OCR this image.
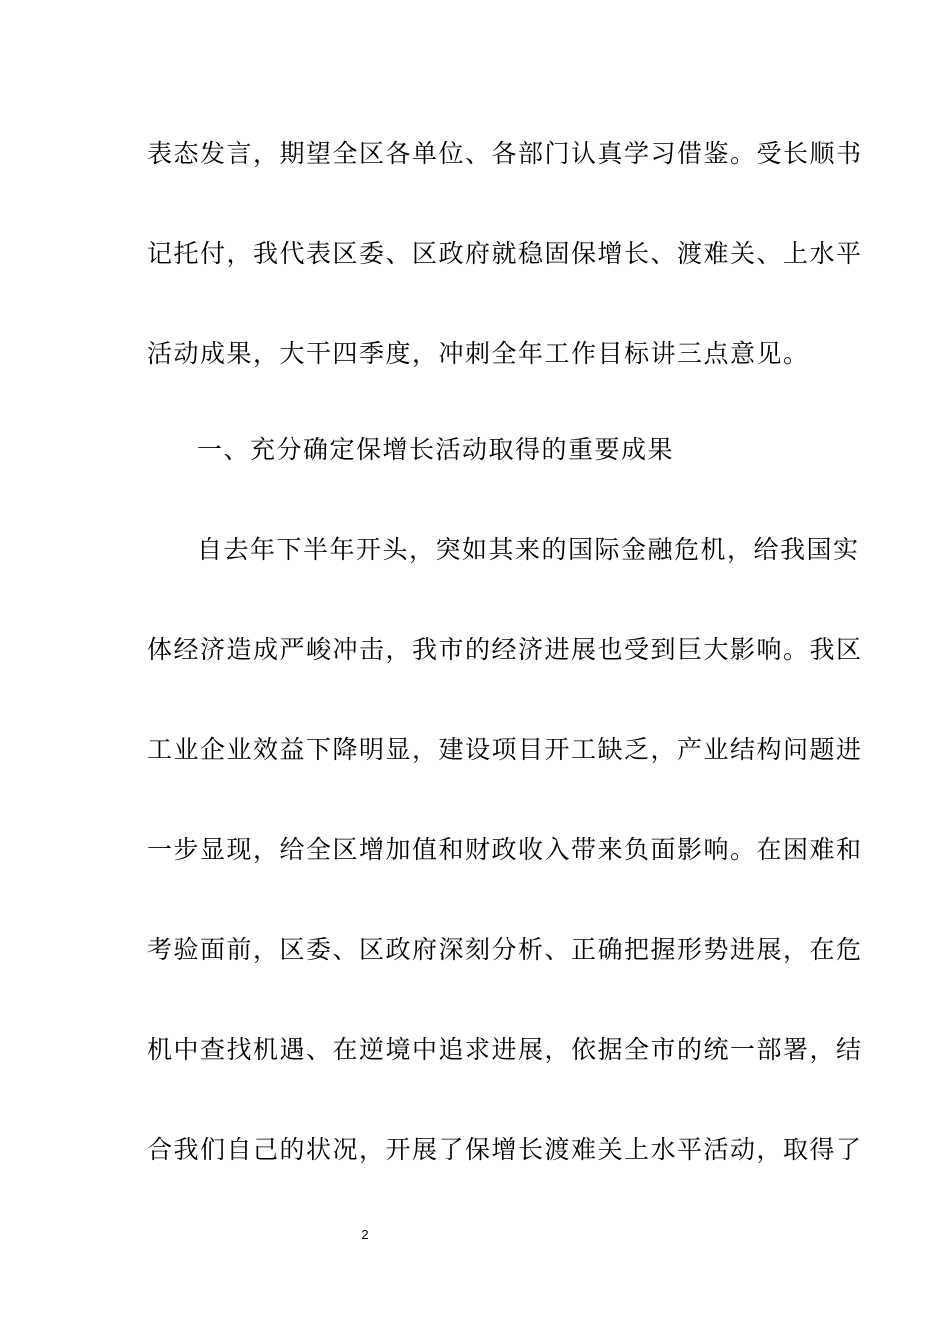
表态发言，期望全区各单位、各部门认真学习借鉴。受长顺书
记托付，我代表区委、区政府就稳固保增长、渡难关、上水平
活动成果，大干四季度，冲刺全年工作目标讲三点意见。
一、充分确定保增长活动取得的重要成果
自去年下半年开头，突如其来的国际金融危机，给我国实
体经济造成严峻冲击，我市的经济进展也受到巨大影响。我区
工业企业效益下降明显，建设项目开工缺乏，产业结构问题进
一步显现，给全区增加值和财政收入带来负面影响。在困难和
考验面前，区委、区政府深刻分析、正确把握形势进展，在危
机中查找机遇、在逆境中追求进展，依据全市的统一部署，结
合我们自己的状况，开展了保增长渡难关上水平活动，取得了
2
